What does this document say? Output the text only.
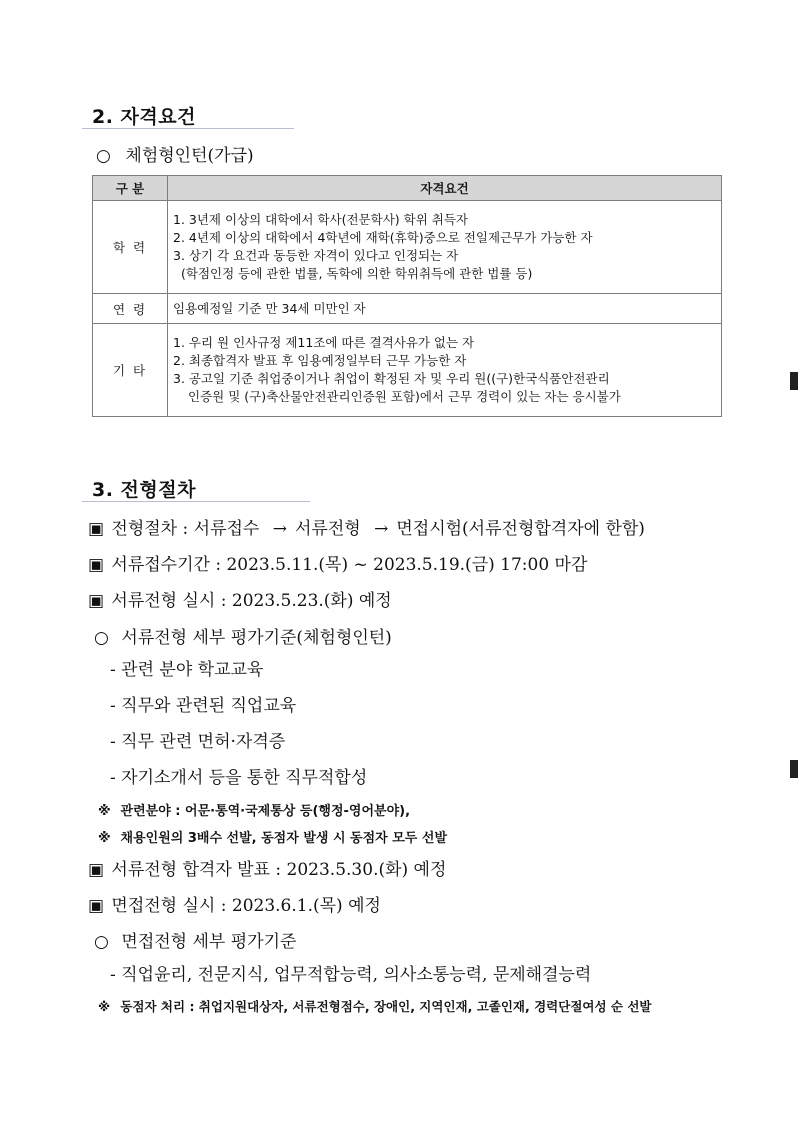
2. 자격요건
○ 체험형인턴(가급)
구 분	자격요건
학 력	1. 3년제 이상의 대학에서 학사(전문학사) 학위 취득자
2. 4년제 이상의 대학에서 4학년에 재학(휴학)중으로 전일제근무가 가능한 자
3. 상기 각 요건과 동등한 자격이 있다고 인정되는 자
(학점인정 등에 관한 법률, 독학에 의한 학위취득에 관한 법률 등)

연 령	임용예정일 기준 만 34세 미만인 자

기 타	1. 우리 원 인사규정 제11조에 따른 결격사유가 없는 자
2. 최종합격자 발표 후 임용예정일부터 근무 가능한 자
3. 공고일 기준 취업중이거나 취업이 확정된 자 및 우리 원((구)한국식품안전관리
인증원 및 (구)축산물안전관리인증원 포함)에서 근무 경력이 있는 자는 응시불가
3. 전형절차
▣ 전형절차 : 서류접수 → 서류전형 → 면접시험(서류전형합격자에 한함)
▣ 서류접수기간 : 2023.5.11.(목) ~ 2023.5.19.(금) 17:00 마감
▣ 서류전형 실시 : 2023.5.23.(화) 예정
○ 서류전형 세부 평가기준(체험형인턴)
- 관련 분야 학교교육
- 직무와 관련된 직업교육
- 직무 관련 면허·자격증
- 자기소개서 등을 통한 직무적합성
※ 관련분야 : 어문·통역·국제통상 등(행정-영어분야),
※ 채용인원의 3배수 선발, 동점자 발생 시 동점자 모두 선발
▣ 서류전형 합격자 발표 : 2023.5.30.(화) 예정
▣ 면접전형 실시 : 2023.6.1.(목) 예정
○ 면접전형 세부 평가기준
- 직업윤리, 전문지식, 업무적합능력, 의사소통능력, 문제해결능력
※ 동점자 처리 : 취업지원대상자, 서류전형점수, 장애인, 지역인재, 고졸인재, 경력단절여성 순 선발
